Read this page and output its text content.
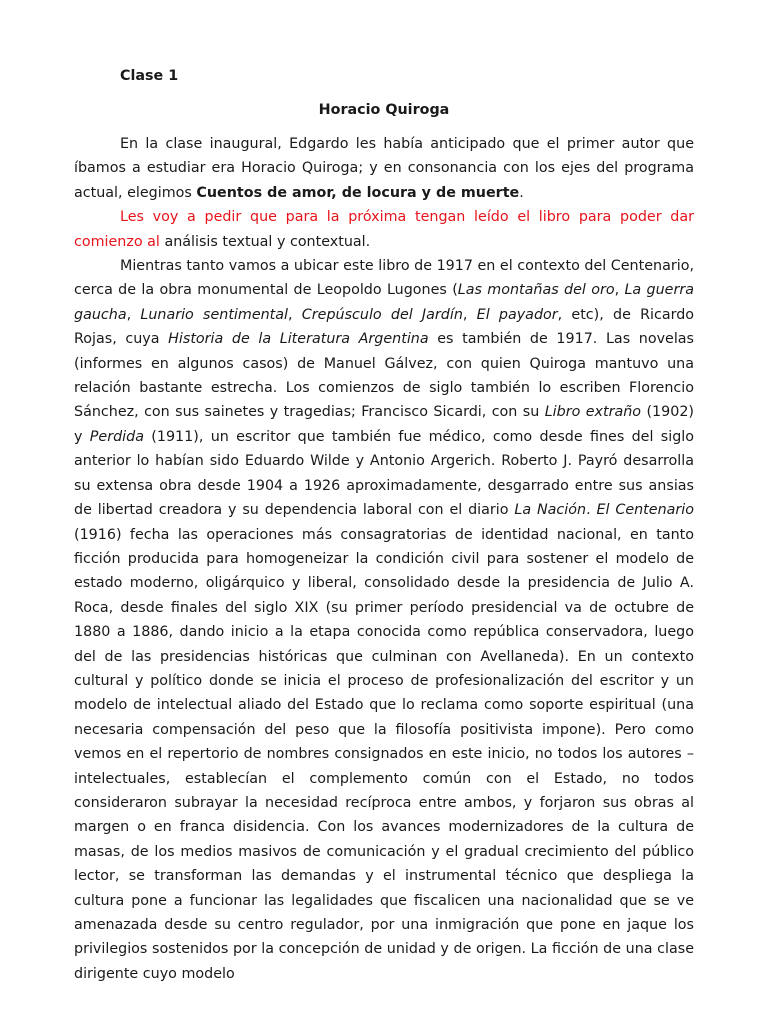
Clase 1
Horacio Quiroga

En la clase inaugural, Edgardo les había anticipado que el primer autor que íbamos a estudiar era Horacio Quiroga; y en consonancia con los ejes del programa actual, elegimos Cuentos de amor, de locura y de muerte.

Les voy a pedir que para la próxima tengan leído el libro para poder dar comienzo al análisis textual y contextual.

Mientras tanto vamos a ubicar este libro de 1917 en el contexto del Centenario, cerca de la obra monumental de Leopoldo Lugones (Las montañas del oro, La guerra gaucha, Lunario sentimental, Crepúsculo del Jardín, El payador, etc), de Ricardo Rojas, cuya Historia de la Literatura Argentina es también de 1917. Las novelas (informes en algunos casos) de Manuel Gálvez, con quien Quiroga mantuvo una relación bastante estrecha. Los comienzos de siglo también lo escriben Florencio Sánchez, con sus sainetes y tragedias; Francisco Sicardi, con su Libro extraño (1902) y Perdida (1911), un escritor que también fue médico, como desde fines del siglo anterior lo habían sido Eduardo Wilde y Antonio Argerich. Roberto J. Payró desarrolla su extensa obra desde 1904 a 1926 aproximadamente, desgarrado entre sus ansias de libertad creadora y su dependencia laboral con el diario La Nación. El Centenario (1916) fecha las operaciones más consagratorias de identidad nacional, en tanto ficción producida para homogeneizar la condición civil para sostener el modelo de estado moderno, oligárquico y liberal, consolidado desde la presidencia de Julio A. Roca, desde finales del siglo XIX (su primer período presidencial va de octubre de 1880 a 1886, dando inicio a la etapa conocida como república conservadora, luego del de las presidencias históricas que culminan con Avellaneda). En un contexto cultural y político donde se inicia el proceso de profesionalización del escritor y un modelo de intelectual aliado del Estado que lo reclama como soporte espiritual (una necesaria compensación del peso que la filosofía positivista impone). Pero como vemos en el repertorio de nombres consignados en este inicio, no todos los autores –intelectuales, establecían el complemento común con el Estado, no todos consideraron subrayar la necesidad recíproca entre ambos, y forjaron sus obras al margen o en franca disidencia. Con los avances modernizadores de la cultura de masas, de los medios masivos de comunicación y el gradual crecimiento del público lector, se transforman las demandas y el instrumental técnico que despliega la cultura pone a funcionar las legalidades que fiscalicen una nacionalidad que se ve amenazada desde su centro regulador, por una inmigración que pone en jaque los privilegios sostenidos por la concepción de unidad y de origen. La ficción de una clase dirigente cuyo modelo
